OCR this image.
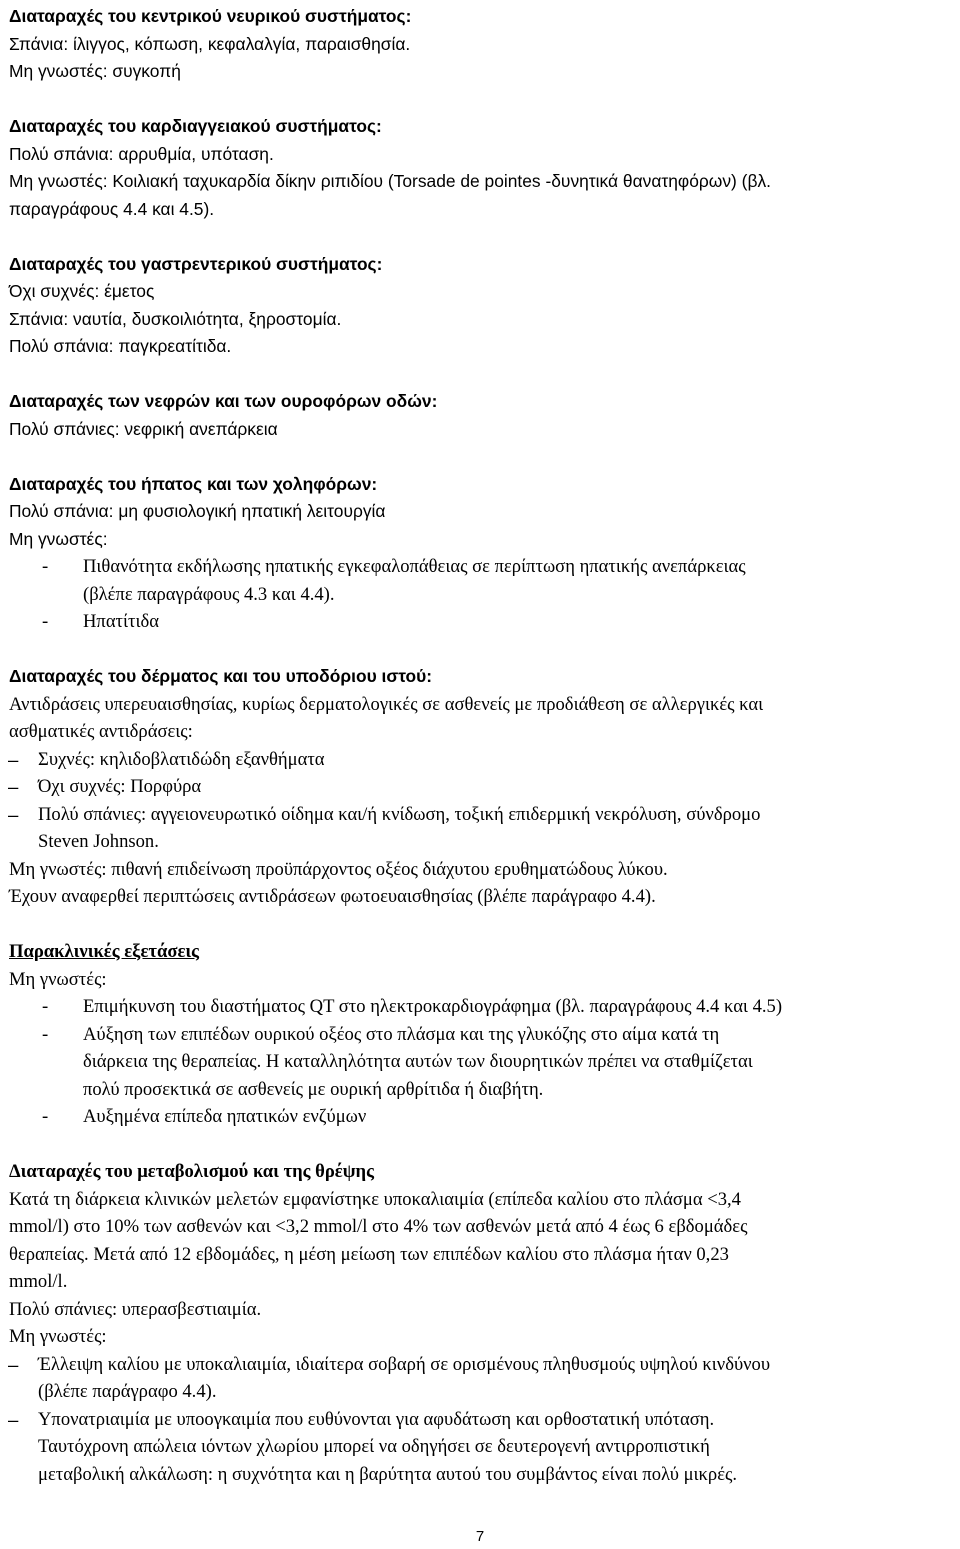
Διαταραχές του κεντρικού νευρικού συστήματος:
Σπάνια: ίλιγγος, κόπωση, κεφαλαλγία, παραισθησία.
Μη γνωστές: συγκοπή
Διαταραχές του καρδιαγγειακού συστήματος:
Πολύ σπάνια: αρρυθμία, υπόταση.
Μη γνωστές: Κοιλιακή ταχυκαρδία δίκην ριπιδίου (Torsade de pointes -δυνητικά θανατηφόρων) (βλ.
παραγράφους 4.4 και 4.5).
Διαταραχές του γαστρεντερικού συστήματος:
Όχι συχνές: έμετος
Σπάνια: ναυτία, δυσκοιλιότητα, ξηροστομία.
Πολύ σπάνια: παγκρεατίτιδα.
Διαταραχές των νεφρών και των ουροφόρων οδών:
Πολύ σπάνιες: νεφρική ανεπάρκεια
Διαταραχές του ήπατος και των χοληφόρων:
Πολύ σπάνια: μη φυσιολογική ηπατική λειτουργία
Μη γνωστές:
- Πιθανότητα εκδήλωσης ηπατικής εγκεφαλοπάθειας σε περίπτωση ηπατικής ανεπάρκειας
(βλέπε παραγράφους 4.3 και 4.4).
- Ηπατίτιδα
Διαταραχές του δέρματος και του υποδόριου ιστού:
Αντιδράσεις υπερευαισθησίας, κυρίως δερματολογικές σε ασθενείς με προδιάθεση σε αλλεργικές και
ασθματικές αντιδράσεις:
– Συχνές: κηλιδοβλατιδώδη εξανθήματα
– Όχι συχνές: Πορφύρα
– Πολύ σπάνιες: αγγειονευρωτικό οίδημα και/ή κνίδωση, τοξική επιδερμική νεκρόλυση, σύνδρομο
Steven Johnson.
Μη γνωστές: πιθανή επιδείνωση προϋπάρχοντος οξέος διάχυτου ερυθηματώδους λύκου.
Έχουν αναφερθεί περιπτώσεις αντιδράσεων φωτοευαισθησίας (βλέπε παράγραφο 4.4).
Παρακλινικές εξετάσεις
Μη γνωστές:
- Επιμήκυνση του διαστήματος QT στο ηλεκτροκαρδιογράφημα (βλ. παραγράφους 4.4 και 4.5)
- Αύξηση των επιπέδων ουρικού οξέος στο πλάσμα και της γλυκόζης στο αίμα κατά τη
διάρκεια της θεραπείας. Η καταλληλότητα αυτών των διουρητικών πρέπει να σταθμίζεται
πολύ προσεκτικά σε ασθενείς με ουρική αρθρίτιδα ή διαβήτη.
- Αυξημένα επίπεδα ηπατικών ενζύμων
Διαταραχές του μεταβολισμού και της θρέψης
Κατά τη διάρκεια κλινικών μελετών εμφανίστηκε υποκαλιαιμία (επίπεδα καλίου στο πλάσμα <3,4
mmol/l) στο 10% των ασθενών και <3,2 mmol/l στο 4% των ασθενών μετά από 4 έως 6 εβδομάδες
θεραπείας. Μετά από 12 εβδομάδες, η μέση μείωση των επιπέδων καλίου στο πλάσμα ήταν 0,23
mmol/l.
Πολύ σπάνιες: υπερασβεστιαιμία.
Μη γνωστές:
– Έλλειψη καλίου με υποκαλιαιμία, ιδιαίτερα σοβαρή σε ορισμένους πληθυσμούς υψηλού κινδύνου
(βλέπε παράγραφο 4.4).
– Υπονατριαιμία με υποογκαιμία που ευθύνονται για αφυδάτωση και ορθοστατική υπόταση.
Ταυτόχρονη απώλεια ιόντων χλωρίου μπορεί να οδηγήσει σε δευτερογενή αντιρροπιστική
μεταβολική αλκάλωση: η συχνότητα και η βαρύτητα αυτού του συμβάντος είναι πολύ μικρές.
7
